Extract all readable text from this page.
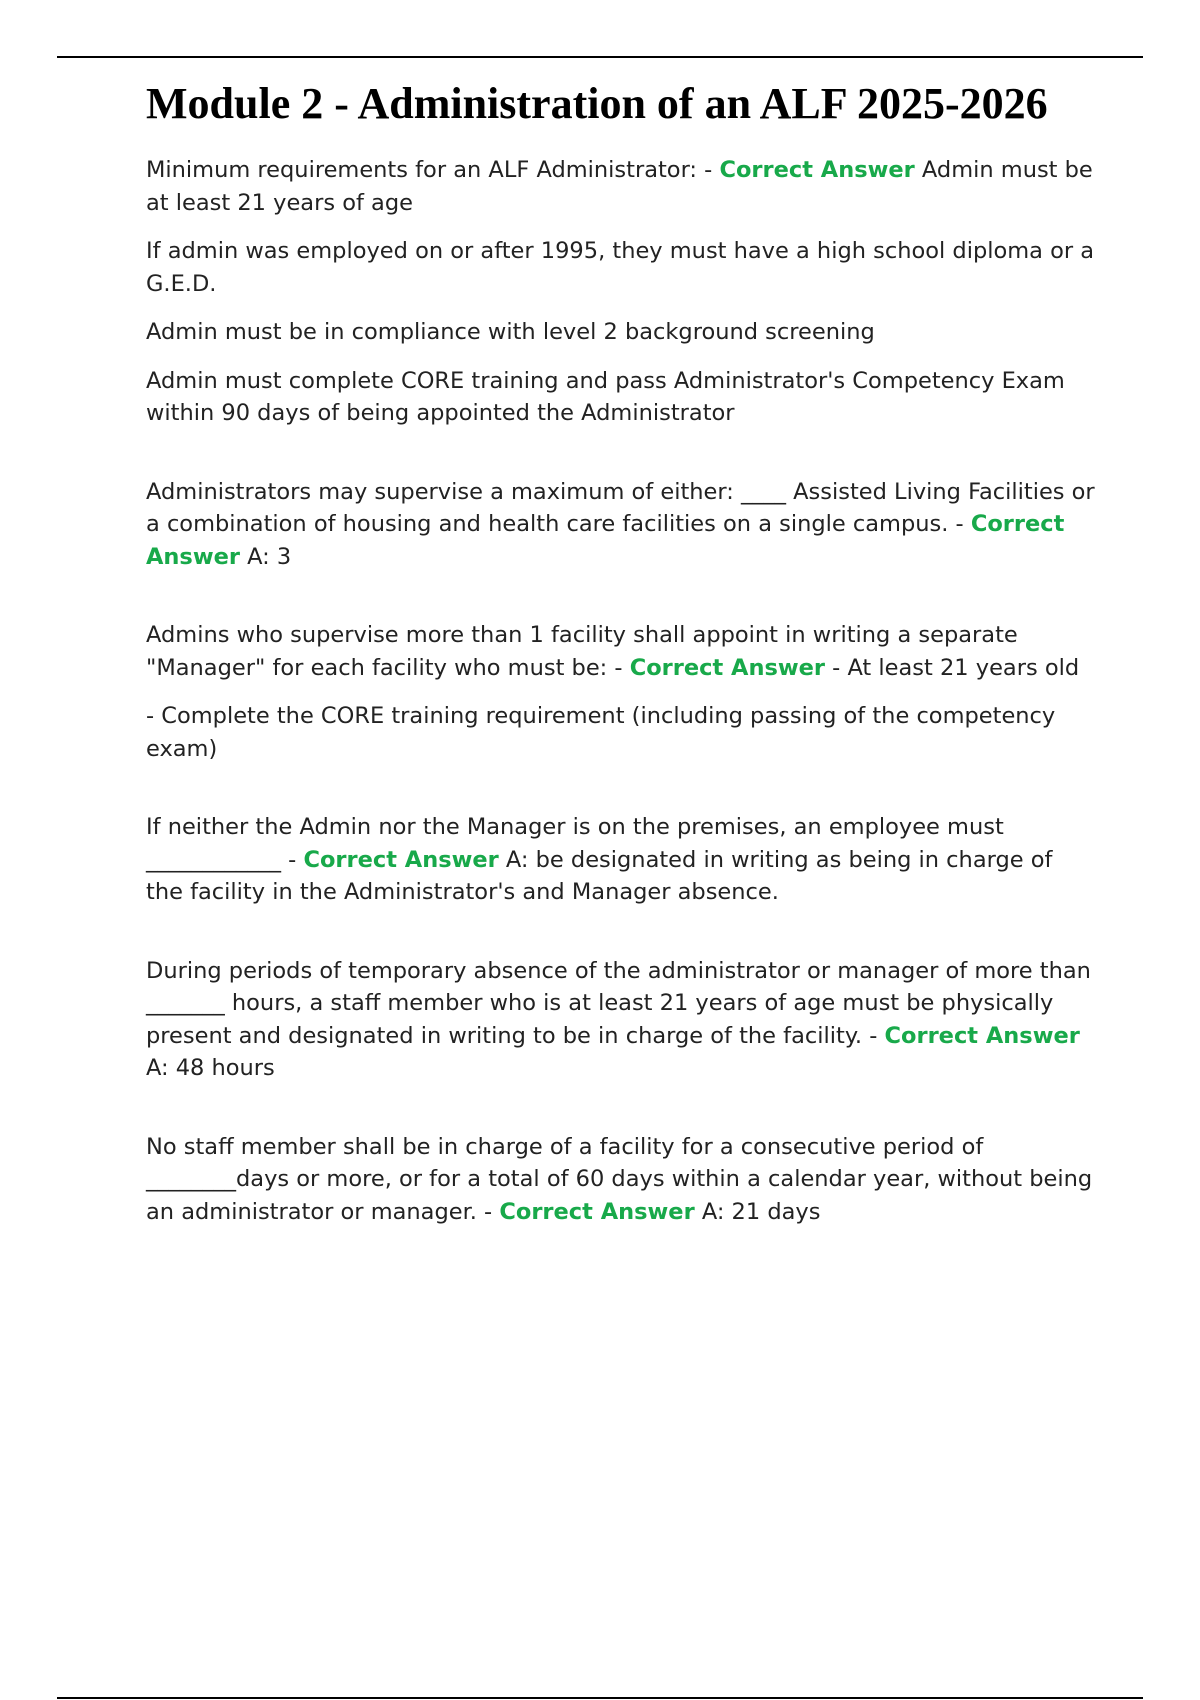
Module 2 - Administration of an ALF 2025-2026

Minimum requirements for an ALF Administrator: - Correct Answer Admin must be at least 21 years of age

If admin was employed on or after 1995, they must have a high school diploma or a G.E.D.

Admin must be in compliance with level 2 background screening

Admin must complete CORE training and pass Administrator's Competency Exam within 90 days of being appointed the Administrator

Administrators may supervise a maximum of either: ____ Assisted Living Facilities or a combination of housing and health care facilities on a single campus. - Correct Answer A: 3

Admins who supervise more than 1 facility shall appoint in writing a separate "Manager" for each facility who must be: - Correct Answer - At least 21 years old

- Complete the CORE training requirement (including passing of the competency exam)

If neither the Admin nor the Manager is on the premises, an employee must ____________ - Correct Answer A: be designated in writing as being in charge of the facility in the Administrator's and Manager absence.

During periods of temporary absence of the administrator or manager of more than _______ hours, a staff member who is at least 21 years of age must be physically present and designated in writing to be in charge of the facility. - Correct Answer A: 48 hours

No staff member shall be in charge of a facility for a consecutive period of ________days or more, or for a total of 60 days within a calendar year, without being an administrator or manager. - Correct Answer A: 21 days
